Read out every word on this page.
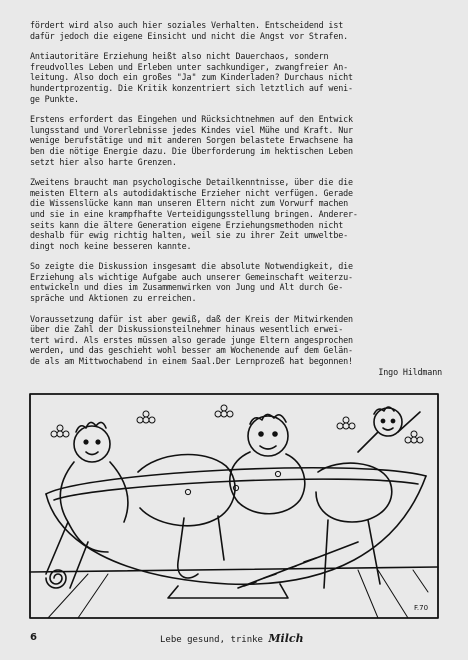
fördert wird also auch hier soziales Verhalten. Entscheidend ist
dafür jedoch die eigene Einsicht und nicht die Angst vor Strafen.
Antiautoritäre Erziehung heißt also nicht Dauerchaos, sondern
freudvolles Leben und Erleben unter sachkundiger, zwangfreier An-
leitung. Also doch ein großes "Ja" zum Kinderladen? Durchaus nicht
hundertprozentig. Die Kritik konzentriert sich letztlich auf weni-
ge Punkte.
Erstens erfordert das Eingehen und Rücksichtnehmen auf den Entwick
lungsstand und Vorerlebnisse jedes Kindes viel Mühe und Kraft. Nur
wenige berufstätige und mit anderen Sorgen belastete Erwachsene ha
ben die nötige Energie dazu. Die Überforderung im hektischen Leben
setzt hier also harte Grenzen.
Zweitens braucht man psychologische Detailkenntnisse, über die die
meisten Eltern als autodidaktische Erzieher nicht verfügen. Gerade
die Wissenslücke kann man unseren Eltern nicht zum Vorwurf machen
und sie in eine krampfhafte Verteidigungsstellung bringen. Anderer-
seits kann die ältere Generation eigene Erziehungsmethoden nicht
deshalb für ewig richtig halten, weil sie zu ihrer Zeit umweltbe-
dingt noch keine besseren kannte.
So zeigte die Diskussion insgesamt die absolute Notwendigkeit, die
Erziehung als wichtige Aufgabe auch unserer Gemeinschaft weiterzu-
entwickeln und dies im Zusammenwirken von Jung und Alt durch Ge-
spräche und Aktionen zu erreichen.
Voraussetzung dafür ist aber gewiß, daß der Kreis der Mitwirkenden
über die Zahl der Diskussionsteilnehmer hinaus wesentlich erwei-
tert wird. Als erstes müssen also gerade junge Eltern angesprochen
werden, und das geschieht wohl besser am Wochenende auf dem Gelän-
de als am Mittwochabend in einem Saal.Der Lernprozeß hat begonnen!
Ingo Hildmann
F.70
6	Lebe gesund, trinke Milch
